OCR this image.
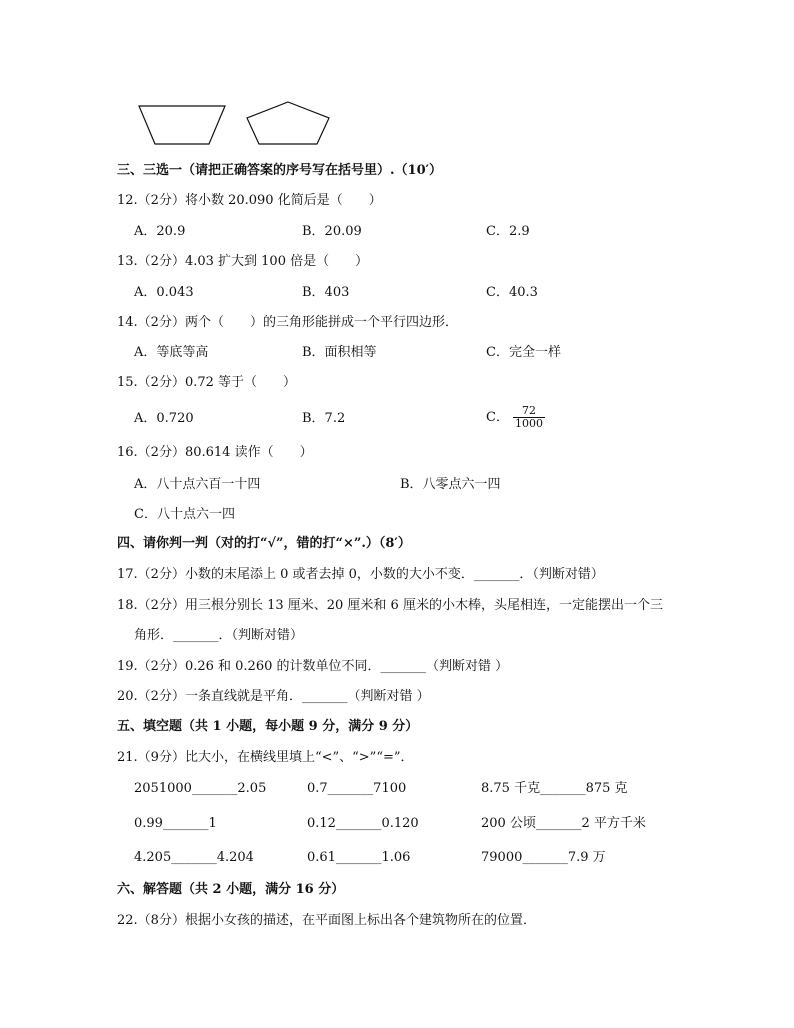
三、三选一（请把正确答案的序号写在括号里）.（10′）
12.（2分）将小数 20.090 化简后是（　　）
A．20.9	B．20.09	C．2.9
13.（2分）4.03 扩大到 100 倍是（　　）
A．0.043	B．403	C．40.3
14.（2分）两个（　　）的三角形能拼成一个平行四边形．
A．等底等高	B．面积相等	C．完全一样
15.（2分）0.72 等于（　　）
A．0.720	B．7.2	C． $\frac{72}{1000}$
16.（2分）80.614 读作（　　）
A．八十点六百一十四	B．八零点六一四
C．八十点六一四
四、请你判一判（对的打“√”，错的打“×”.）（8′）
17.（2分）小数的末尾添上 0 或者去掉 0，小数的大小不变．_______．（判断对错）
18.（2分）用三根分别长 13 厘米、20 厘米和 6 厘米的小木棒，头尾相连，一定能摆出一个三
角形．_______．（判断对错）
19.（2分）0.26 和 0.260 的计数单位不同．_______（判断对错 ）
20.（2分）一条直线就是平角．_______（判断对错 ）
五、填空题（共 1 小题，每小题 9 分，满分 9 分）
21.（9分）比大小，在横线里填上“<”、“>”“=”．
2051000_______2.05	0.7_______7100	8.75 千克_______875 克
0.99_______1	0.12_______0.120	200 公顷_______2 平方千米
4.205_______4.204	0.61_______1.06	79000_______7.9 万
六、解答题（共 2 小题，满分 16 分）
22.（8分）根据小女孩的描述，在平面图上标出各个建筑物所在的位置．
